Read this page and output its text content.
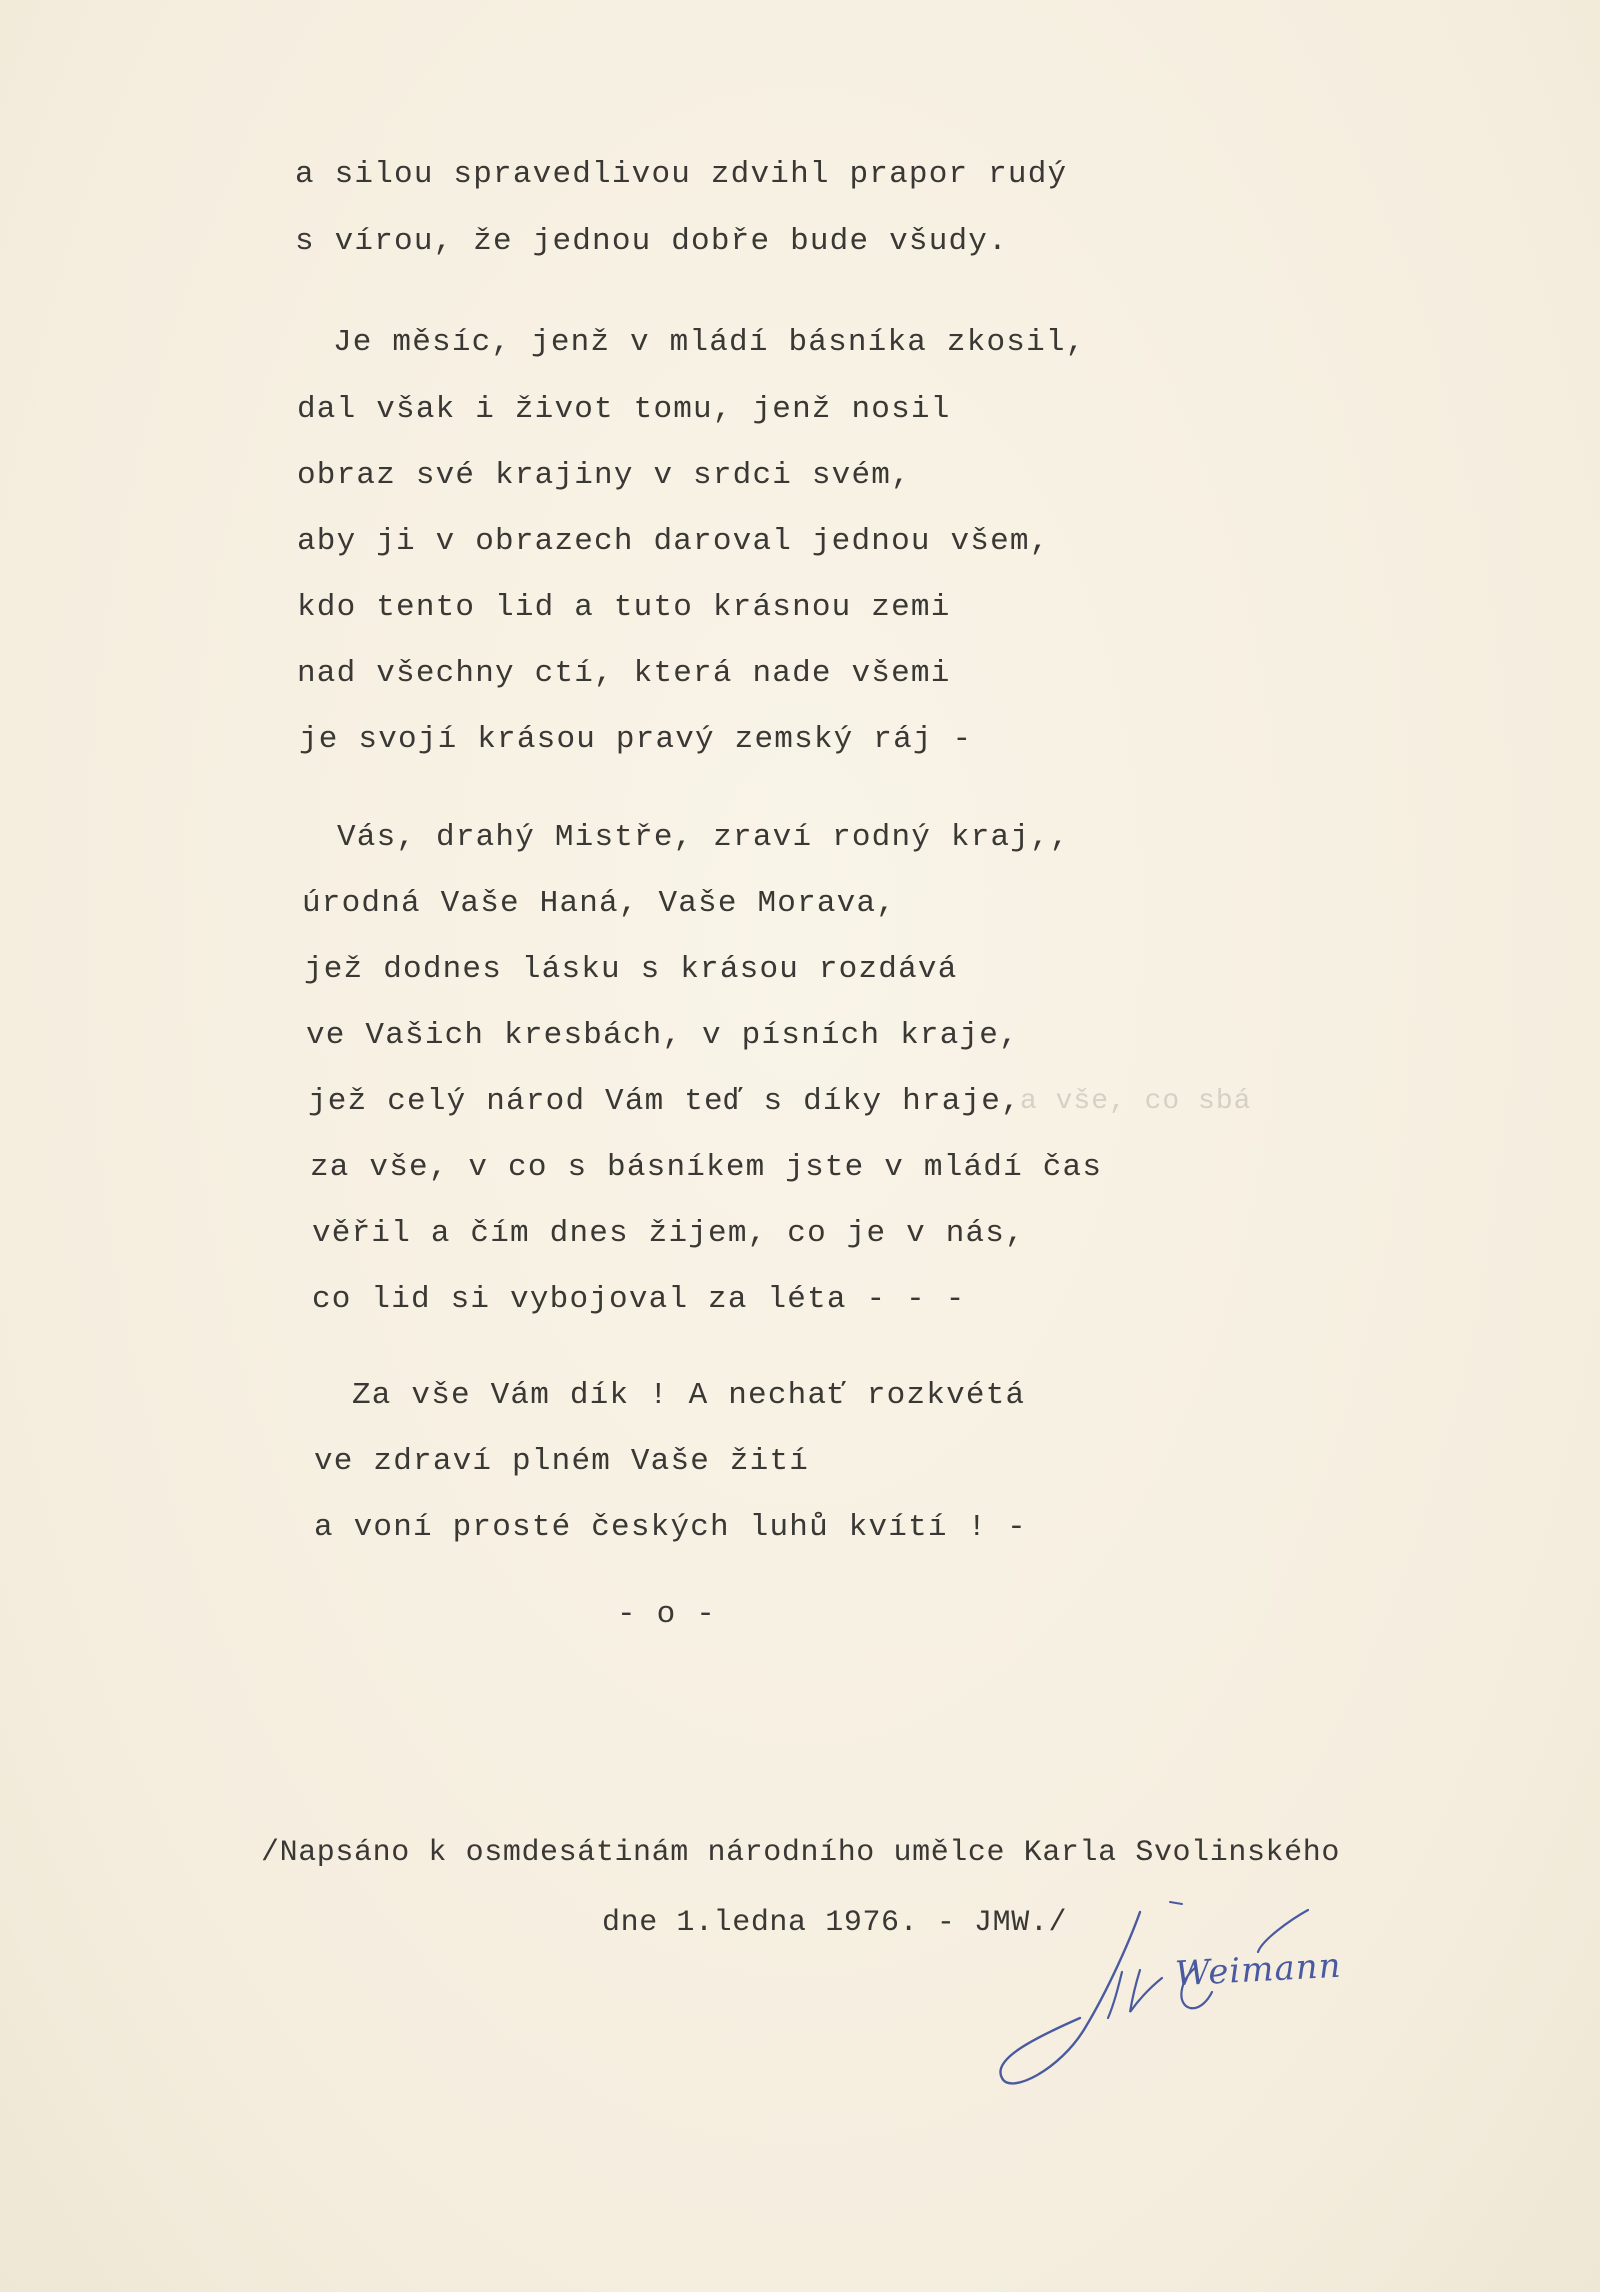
a silou spravedlivou zdvihl prapor rudý
s vírou, že jednou dobře bude všudy.
Je měsíc, jenž v mládí básníka zkosil,
dal však i život tomu, jenž nosil
obraz své krajiny v srdci svém,
aby ji v obrazech daroval jednou všem,
kdo tento lid a tuto krásnou zemi
nad všechny ctí, která nade všemi
je svojí krásou pravý zemský ráj -
Vás, drahý Mistře, zraví rodný kraj,,
úrodná Vaše Haná, Vaše Morava,
jež dodnes lásku s krásou rozdává
ve Vašich kresbách, v písních kraje,
jež celý národ Vám teď s díky hraje, a vše, co sbá
za vše, v co s básníkem jste v mládí čas
věřil a čím dnes žijem, co je v nás,
co lid si vybojoval za léta - - -
Za vše Vám dík ! A nechať rozkvétá
ve zdraví plném Vaše žití
a voní prosté českých luhů kvítí ! -
- o -
/Napsáno k osmdesátinám národního umělce Karla Svolinského
dne 1.ledna 1976. - JMW./
Weimann
